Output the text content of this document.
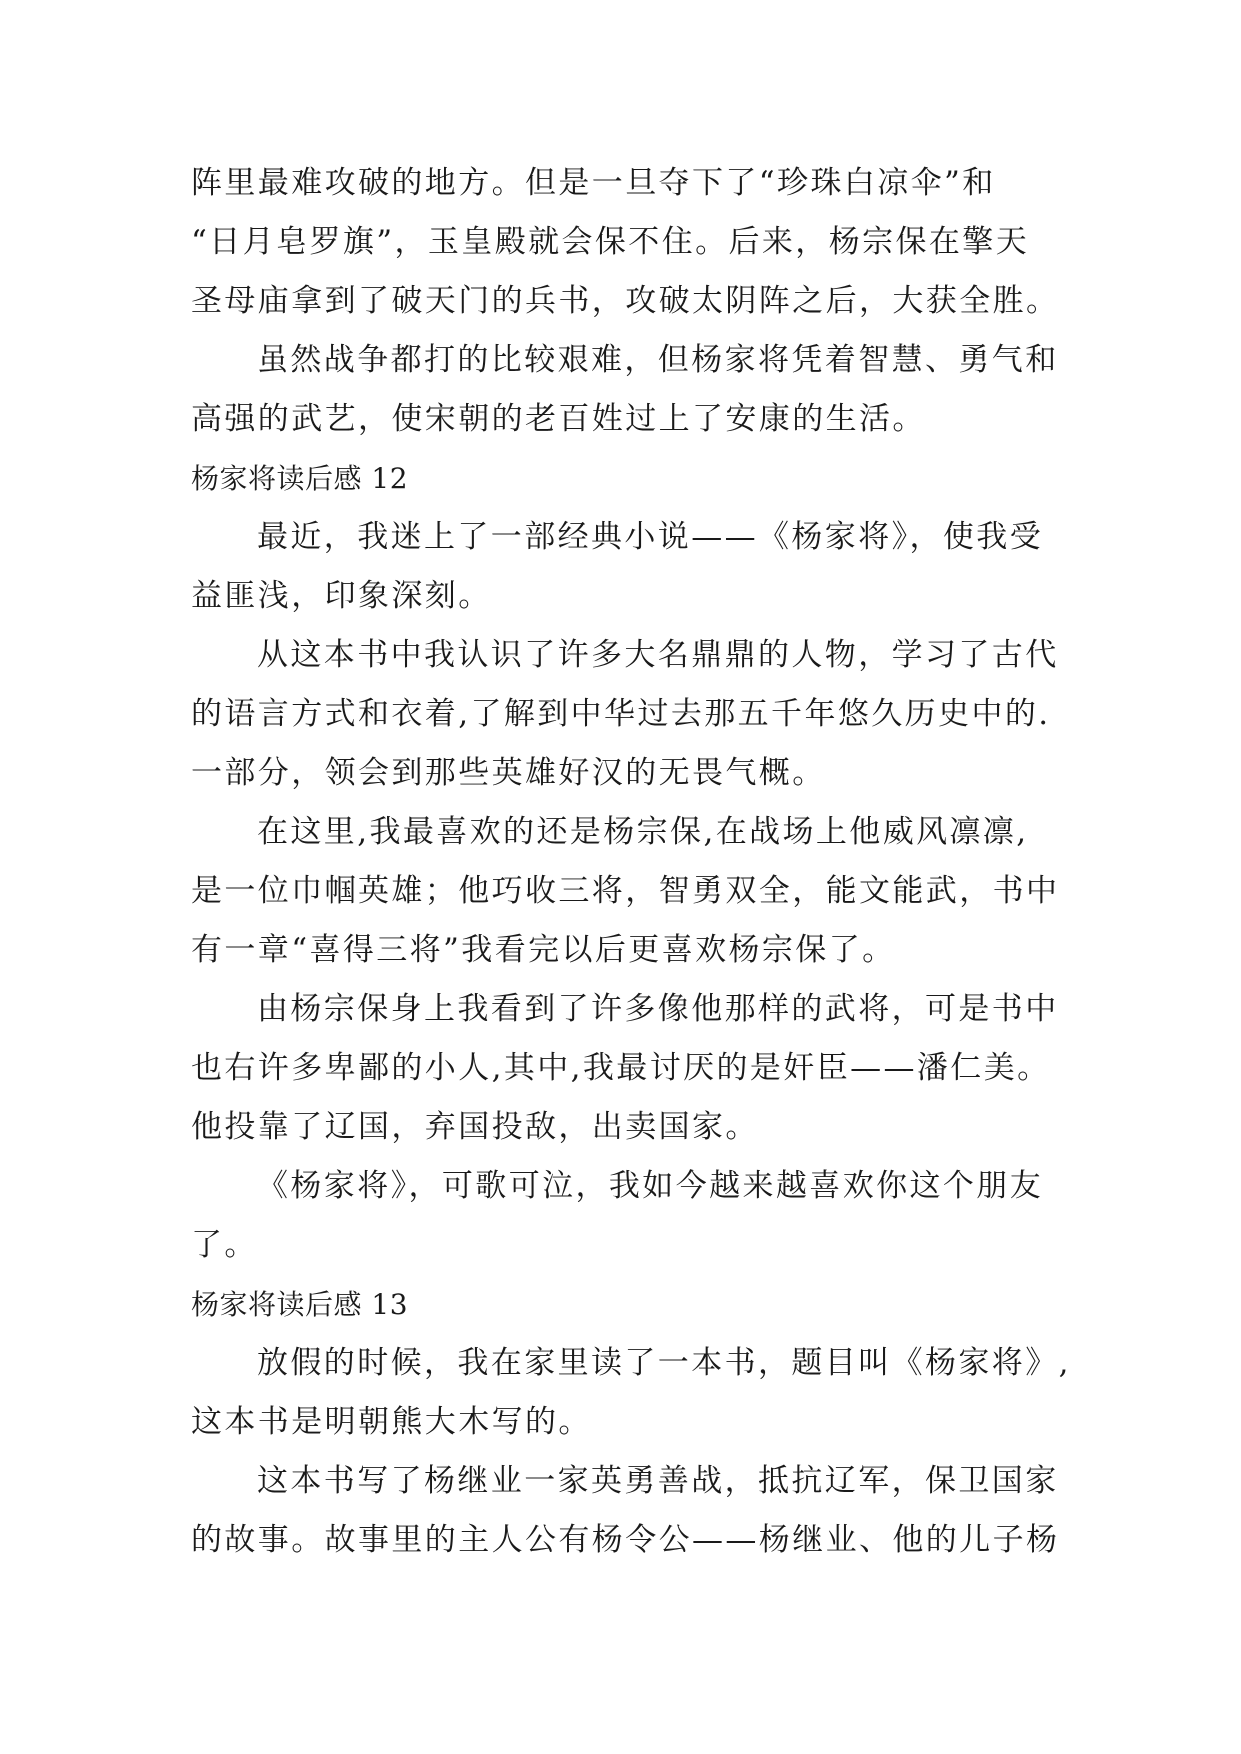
阵里最难攻破的地方。但是一旦夺下了“珍珠白凉伞”和
“日月皂罗旗”，玉皇殿就会保不住。后来，杨宗保在擎天
圣母庙拿到了破天门的兵书，攻破太阴阵之后，大获全胜。
虽然战争都打的比较艰难，但杨家将凭着智慧、勇气和
高强的武艺，使宋朝的老百姓过上了安康的生活。
杨家将读后感 12
最近，我迷上了一部经典小说——《杨家将》，使我受
益匪浅，印象深刻。
从这本书中我认识了许多大名鼎鼎的人物，学习了古代
的语言方式和衣着,了解到中华过去那五千年悠久历史中的.
一部分，领会到那些英雄好汉的无畏气概。
在这里,我最喜欢的还是杨宗保,在战场上他威风凛凛,
是一位巾帼英雄；他巧收三将，智勇双全，能文能武，书中
有一章“喜得三将”我看完以后更喜欢杨宗保了。
由杨宗保身上我看到了许多像他那样的武将，可是书中
也右许多卑鄙的小人,其中,我最讨厌的是奸臣——潘仁美。
他投靠了辽国，弃国投敌，出卖国家。
《杨家将》，可歌可泣，我如今越来越喜欢你这个朋友
了。
杨家将读后感 13
放假的时候，我在家里读了一本书，题目叫《杨家将》,
这本书是明朝熊大木写的。
这本书写了杨继业一家英勇善战，抵抗辽军，保卫国家
的故事。故事里的主人公有杨令公——杨继业、他的儿子杨
